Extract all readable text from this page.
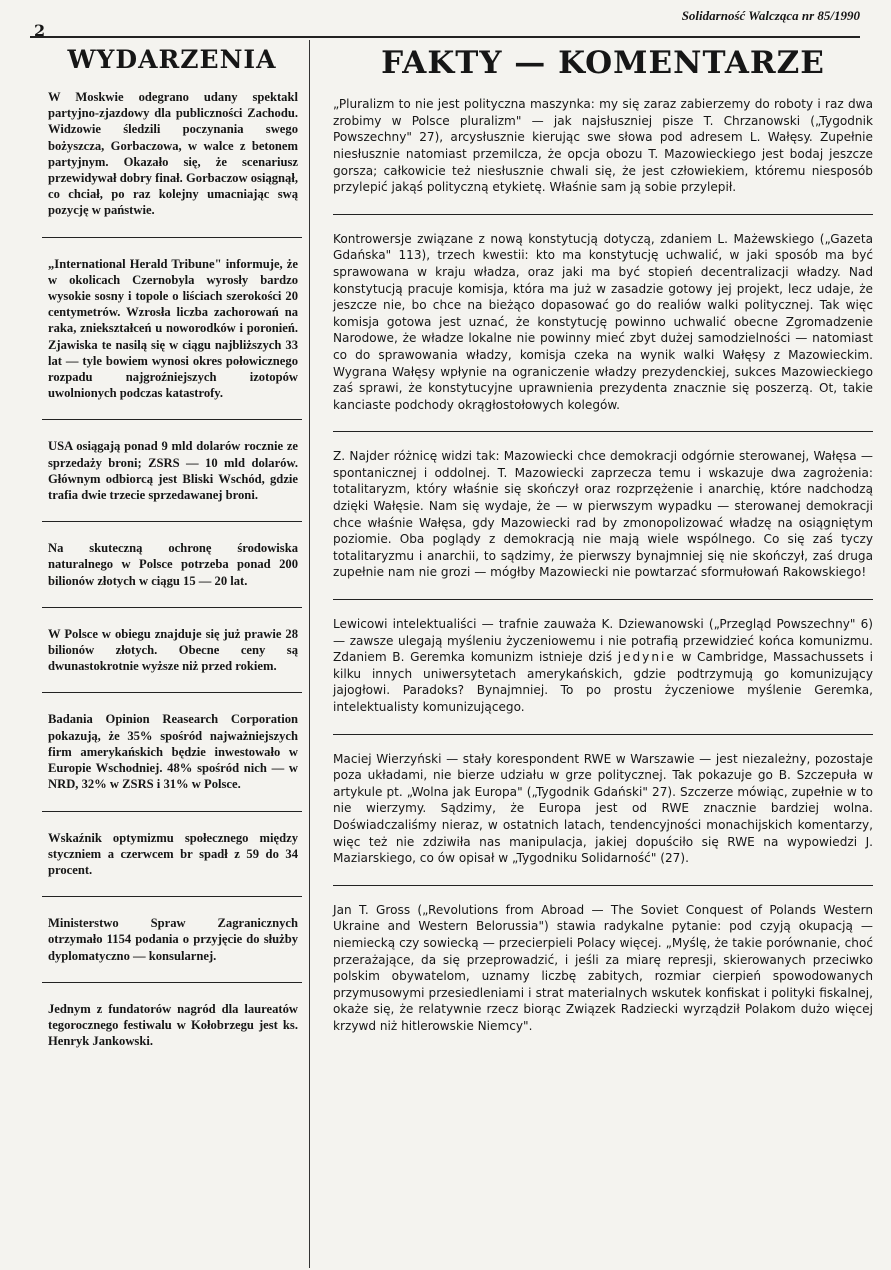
2
Solidarność Walcząca nr 85/1990
WYDARZENIA

W Moskwie odegrano udany spektakl partyjno-zjazdowy dla publiczności Zachodu. Widzowie śledzili poczynania swego bożyszcza, Gorbaczowa, w walce z betonem partyjnym. Okazało się, że scenariusz przewidywał dobry finał. Gorbaczow osiągnął, co chciał, po raz kolejny umacniając swą pozycję w państwie.

„International Herald Tribune" informuje, że w okolicach Czernobyla wyrosły bardzo wysokie sosny i topole o liściach szerokości 20 centymetrów. Wzrosła liczba zachorowań na raka, zniekształceń u noworodków i poronień. Zjawiska te nasilą się w ciągu najbliższych 33 lat — tyle bowiem wynosi okres połowicznego rozpadu najgroźniejszych izotopów uwolnionych podczas katastrofy.

USA osiągają ponad 9 mld dolarów rocznie ze sprzedaży broni; ZSRS — 10 mld dolarów. Głównym odbiorcą jest Bliski Wschód, gdzie trafia dwie trzecie sprzedawanej broni.

Na skuteczną ochronę środowiska naturalnego w Polsce potrzeba ponad 200 bilionów złotych w ciągu 15 — 20 lat.

W Polsce w obiegu znajduje się już prawie 28 bilionów złotych. Obecne ceny są dwunastokrotnie wyższe niż przed rokiem.

Badania Opinion Reasearch Corporation pokazują, że 35% spośród najważniejszych firm amerykańskich będzie inwestowało w Europie Wschodniej. 48% spośród nich — w NRD, 32% w ZSRS i 31% w Polsce.

Wskaźnik optymizmu społecznego między styczniem a czerwcem br spadł z 59 do 34 procent.

Ministerstwo Spraw Zagranicznych otrzymało 1154 podania o przyjęcie do służby dyplomatyczno — konsularnej.

Jednym z fundatorów nagród dla laureatów tegorocznego festiwalu w Kołobrzegu jest ks. Henryk Jankowski.

FAKTY — KOMENTARZE

„Pluralizm to nie jest polityczna maszynka: my się zaraz zabierzemy do roboty i raz dwa zrobimy w Polsce pluralizm" — jak najsłuszniej pisze T. Chrzanowski („Tygodnik Powszechny" 27), arcysłusznie kierując swe słowa pod adresem L. Wałęsy. Zupełnie niesłusznie natomiast przemilcza, że opcja obozu T. Mazowieckiego jest bodaj jeszcze gorsza; całkowicie też niesłusznie chwali się, że jest człowiekiem, któremu niesposób przylepić jakąś polityczną etykietę. Właśnie sam ją sobie przylepił.

Kontrowersje związane z nową konstytucją dotyczą, zdaniem L. Mażewskiego („Gazeta Gdańska" 113), trzech kwestii: kto ma konstytucję uchwalić, w jaki sposób ma być sprawowana w kraju władza, oraz jaki ma być stopień decentralizacji władzy. Nad konstytucją pracuje komisja, która ma już w zasadzie gotowy jej projekt, lecz udaje, że jeszcze nie, bo chce na bieżąco dopasować go do realiów walki politycznej. Tak więc komisja gotowa jest uznać, że konstytucję powinno uchwalić obecne Zgromadzenie Narodowe, że władze lokalne nie powinny mieć zbyt dużej samodzielności — natomiast co do sprawowania władzy, komisja czeka na wynik walki Wałęsy z Mazowieckim. Wygrana Wałęsy wpłynie na ograniczenie władzy prezydenckiej, sukces Mazowieckiego zaś sprawi, że konstytucyjne uprawnienia prezydenta znacznie się poszerzą. Ot, takie kanciaste podchody okrągłostołowych kolegów.

Z. Najder różnicę widzi tak: Mazowiecki chce demokracji odgórnie sterowanej, Wałęsa — spontanicznej i oddolnej. T. Mazowiecki zaprzecza temu i wskazuje dwa zagrożenia: totalitaryzm, który właśnie się skończył oraz rozprzężenie i anarchię, które nadchodzą dzięki Wałęsie. Nam się wydaje, że — w pierwszym wypadku — sterowanej demokracji chce właśnie Wałęsa, gdy Mazowiecki rad by zmonopolizować władzę na osiągniętym poziomie. Oba poglądy z demokracją nie mają wiele wspólnego. Co się zaś tyczy totalitaryzmu i anarchii, to sądzimy, że pierwszy bynajmniej się nie skończył, zaś druga zupełnie nam nie grozi — mógłby Mazowiecki nie powtarzać sformułowań Rakowskiego!

Lewicowi intelektualiści — trafnie zauważa K. Dziewanowski („Przegląd Powszechny" 6) — zawsze ulegają myśleniu życzeniowemu i nie potrafią przewidzieć końca komunizmu. Zdaniem B. Geremka komunizm istnieje dziś jedynie w Cambridge, Massachussets i kilku innych uniwersytetach amerykańskich, gdzie podtrzymują go komunizujący jajogłowi. Paradoks? Bynajmniej. To po prostu życzeniowe myślenie Geremka, intelektualisty komunizującego.

Maciej Wierzyński — stały korespondent RWE w Warszawie — jest niezależny, pozostaje poza układami, nie bierze udziału w grze politycznej. Tak pokazuje go B. Szczepuła w artykule pt. „Wolna jak Europa" („Tygodnik Gdański" 27). Szczerze mówiąc, zupełnie w to nie wierzymy. Sądzimy, że Europa jest od RWE znacznie bardziej wolna. Doświadczaliśmy nieraz, w ostatnich latach, tendencyjności monachijskich komentarzy, więc też nie zdziwiła nas manipulacja, jakiej dopuściło się RWE na wypowiedzi J. Maziarskiego, co ów opisał w „Tygodniku Solidarność" (27).

Jan T. Gross („Revolutions from Abroad — The Soviet Conquest of Polands Western Ukraine and Western Belorussia") stawia radykalne pytanie: pod czyją okupacją — niemiecką czy sowiecką — przecierpieli Polacy więcej. „Myślę, że takie porównanie, choć przerażające, da się przeprowadzić, i jeśli za miarę represji, skierowanych przeciwko polskim obywatelom, uznamy liczbę zabitych, rozmiar cierpień spowodowanych przymusowymi przesiedleniami i strat materialnych wskutek konfiskat i polityki fiskalnej, okaże się, że relatywnie rzecz biorąc Związek Radziecki wyrządził Polakom dużo więcej krzywd niż hitlerowskie Niemcy".
